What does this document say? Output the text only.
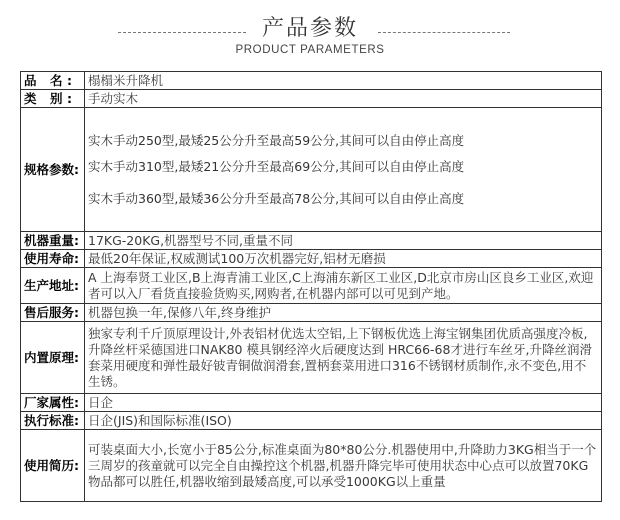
产品参数
PRODUCT PARAMETERS
品 名:	榻榻米升降机

类 别:	手动实木
规格参数:	实木手动250型,最矮25公分升至最高59公分,其间可以自由停止高度
实木手动310型,最矮21公分升至最高69公分,其间可以自由停止高度
实木手动360型,最矮36公分升至最高78公分,其间可以自由停止高度

机器重量:	17KG-20KG,机器型号不同,重量不同
使用寿命:	最低20年保证,权威测试100万次机器完好,铝材无磨损
生产地址:	A 上海奉贤工业区,B上海青浦工业区,C上海浦东新区工业区,D北京市房山区良乡工业区,欢迎者可以入厂看货直接验货购买,网购者,在机器内部可以可见到产地。
售后服务:	机器包换一年,保修八年,终身维护
内置原理:	独家专利千斤顶原理设计,外表铝材优选太空铝,上下钢板优选上海宝钢集团优质高强度冷板,升降丝杆采德国进口NAK80 模具钢经淬火后硬度达到 HRC66-68才进行车丝牙,升降丝润滑套菜用硬度和弹性最好铍青铜做润滑套,置柄套菜用进口316不锈钢材质制作,永不变色,用不生锈。
厂家属性:	日企
执行标准:	日企(JIS)和国际标准(ISO)
使用简历:	可装桌面大小,长宽小于85公分,标准桌面为80*80公分.机器使用中,升降助力3KG相当于一个三周岁的孩童就可以完全自由操控这个机器,机器升降完毕可使用状态中心点可以放置70KG物品都可以胜任,机器收缩到最矮高度,可以承受1000KG以上重量
